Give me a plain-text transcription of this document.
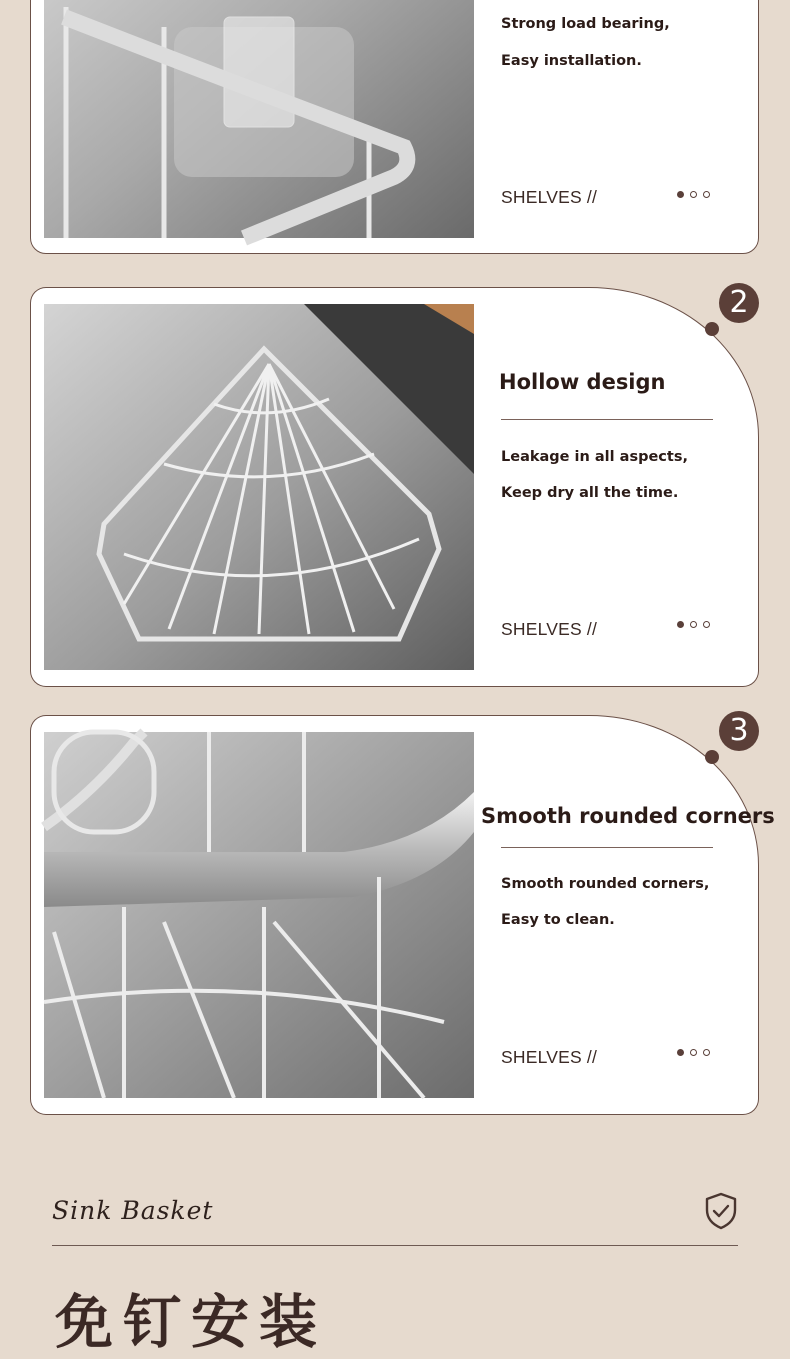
Strong load bearing,
Easy installation.
SHELVES //
Hollow design
Leakage in all aspects,
Keep dry all the time.
SHELVES //
2
Smooth rounded corners
Smooth rounded corners,
Easy to clean.
SHELVES //
3
Sink Basket
免钉安装
